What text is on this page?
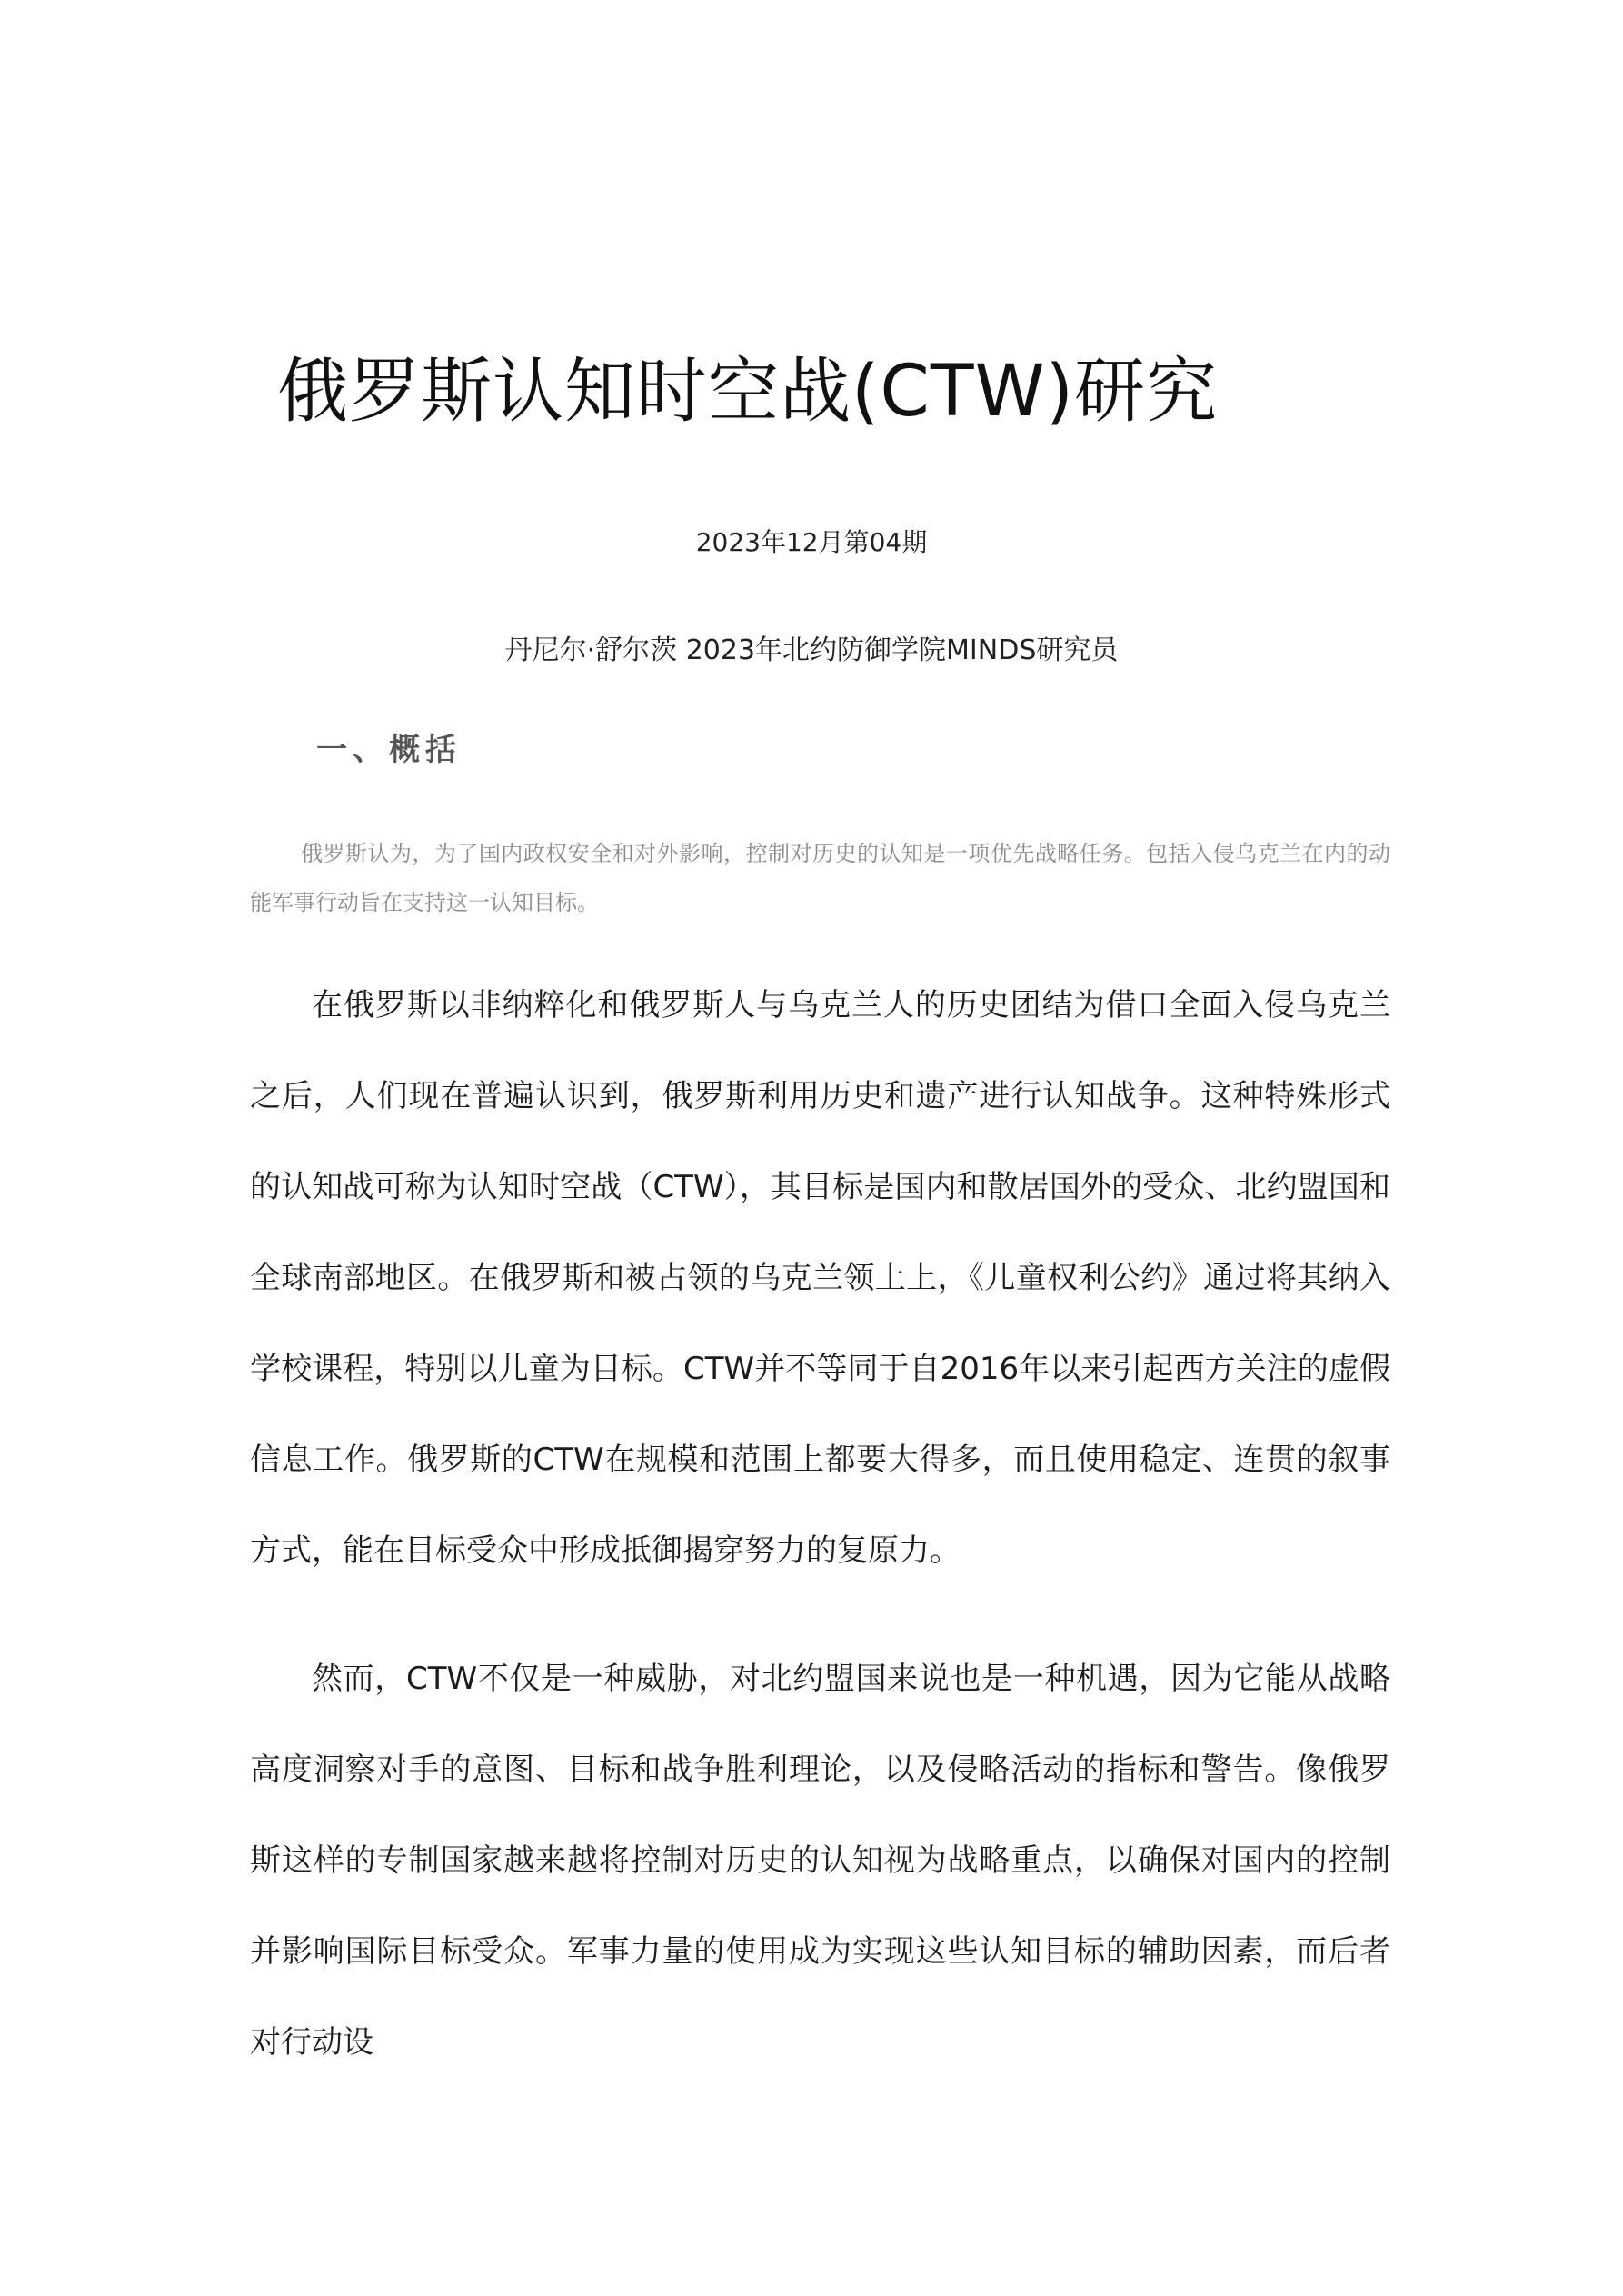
俄罗斯认知时空战(CTW)研究

2023年12月第04期

丹尼尔·舒尔茨 2023年北约防御学院MINDS研究员

一、概括

俄罗斯认为，为了国内政权安全和对外影响，控制对历史的认知是一项优先战略任务。包括入侵乌克兰在内的动能军事行动旨在支持这一认知目标。

在俄罗斯以非纳粹化和俄罗斯人与乌克兰人的历史团结为借口全面入侵乌克兰之后，人们现在普遍认识到，俄罗斯利用历史和遗产进行认知战争。这种特殊形式的认知战可称为认知时空战（CTW），其目标是国内和散居国外的受众、北约盟国和全球南部地区。在俄罗斯和被占领的乌克兰领土上，《儿童权利公约》通过将其纳入学校课程，特别以儿童为目标。CTW并不等同于自2016年以来引起西方关注的虚假信息工作。俄罗斯的CTW在规模和范围上都要大得多，而且使用稳定、连贯的叙事方式，能在目标受众中形成抵御揭穿努力的复原力。

然而，CTW不仅是一种威胁，对北约盟国来说也是一种机遇，因为它能从战略高度洞察对手的意图、目标和战争胜利理论，以及侵略活动的指标和警告。像俄罗斯这样的专制国家越来越将控制对历史的认知视为战略重点，以确保对国内的控制并影响国际目标受众。军事力量的使用成为实现这些认知目标的辅助因素，而后者对行动设
